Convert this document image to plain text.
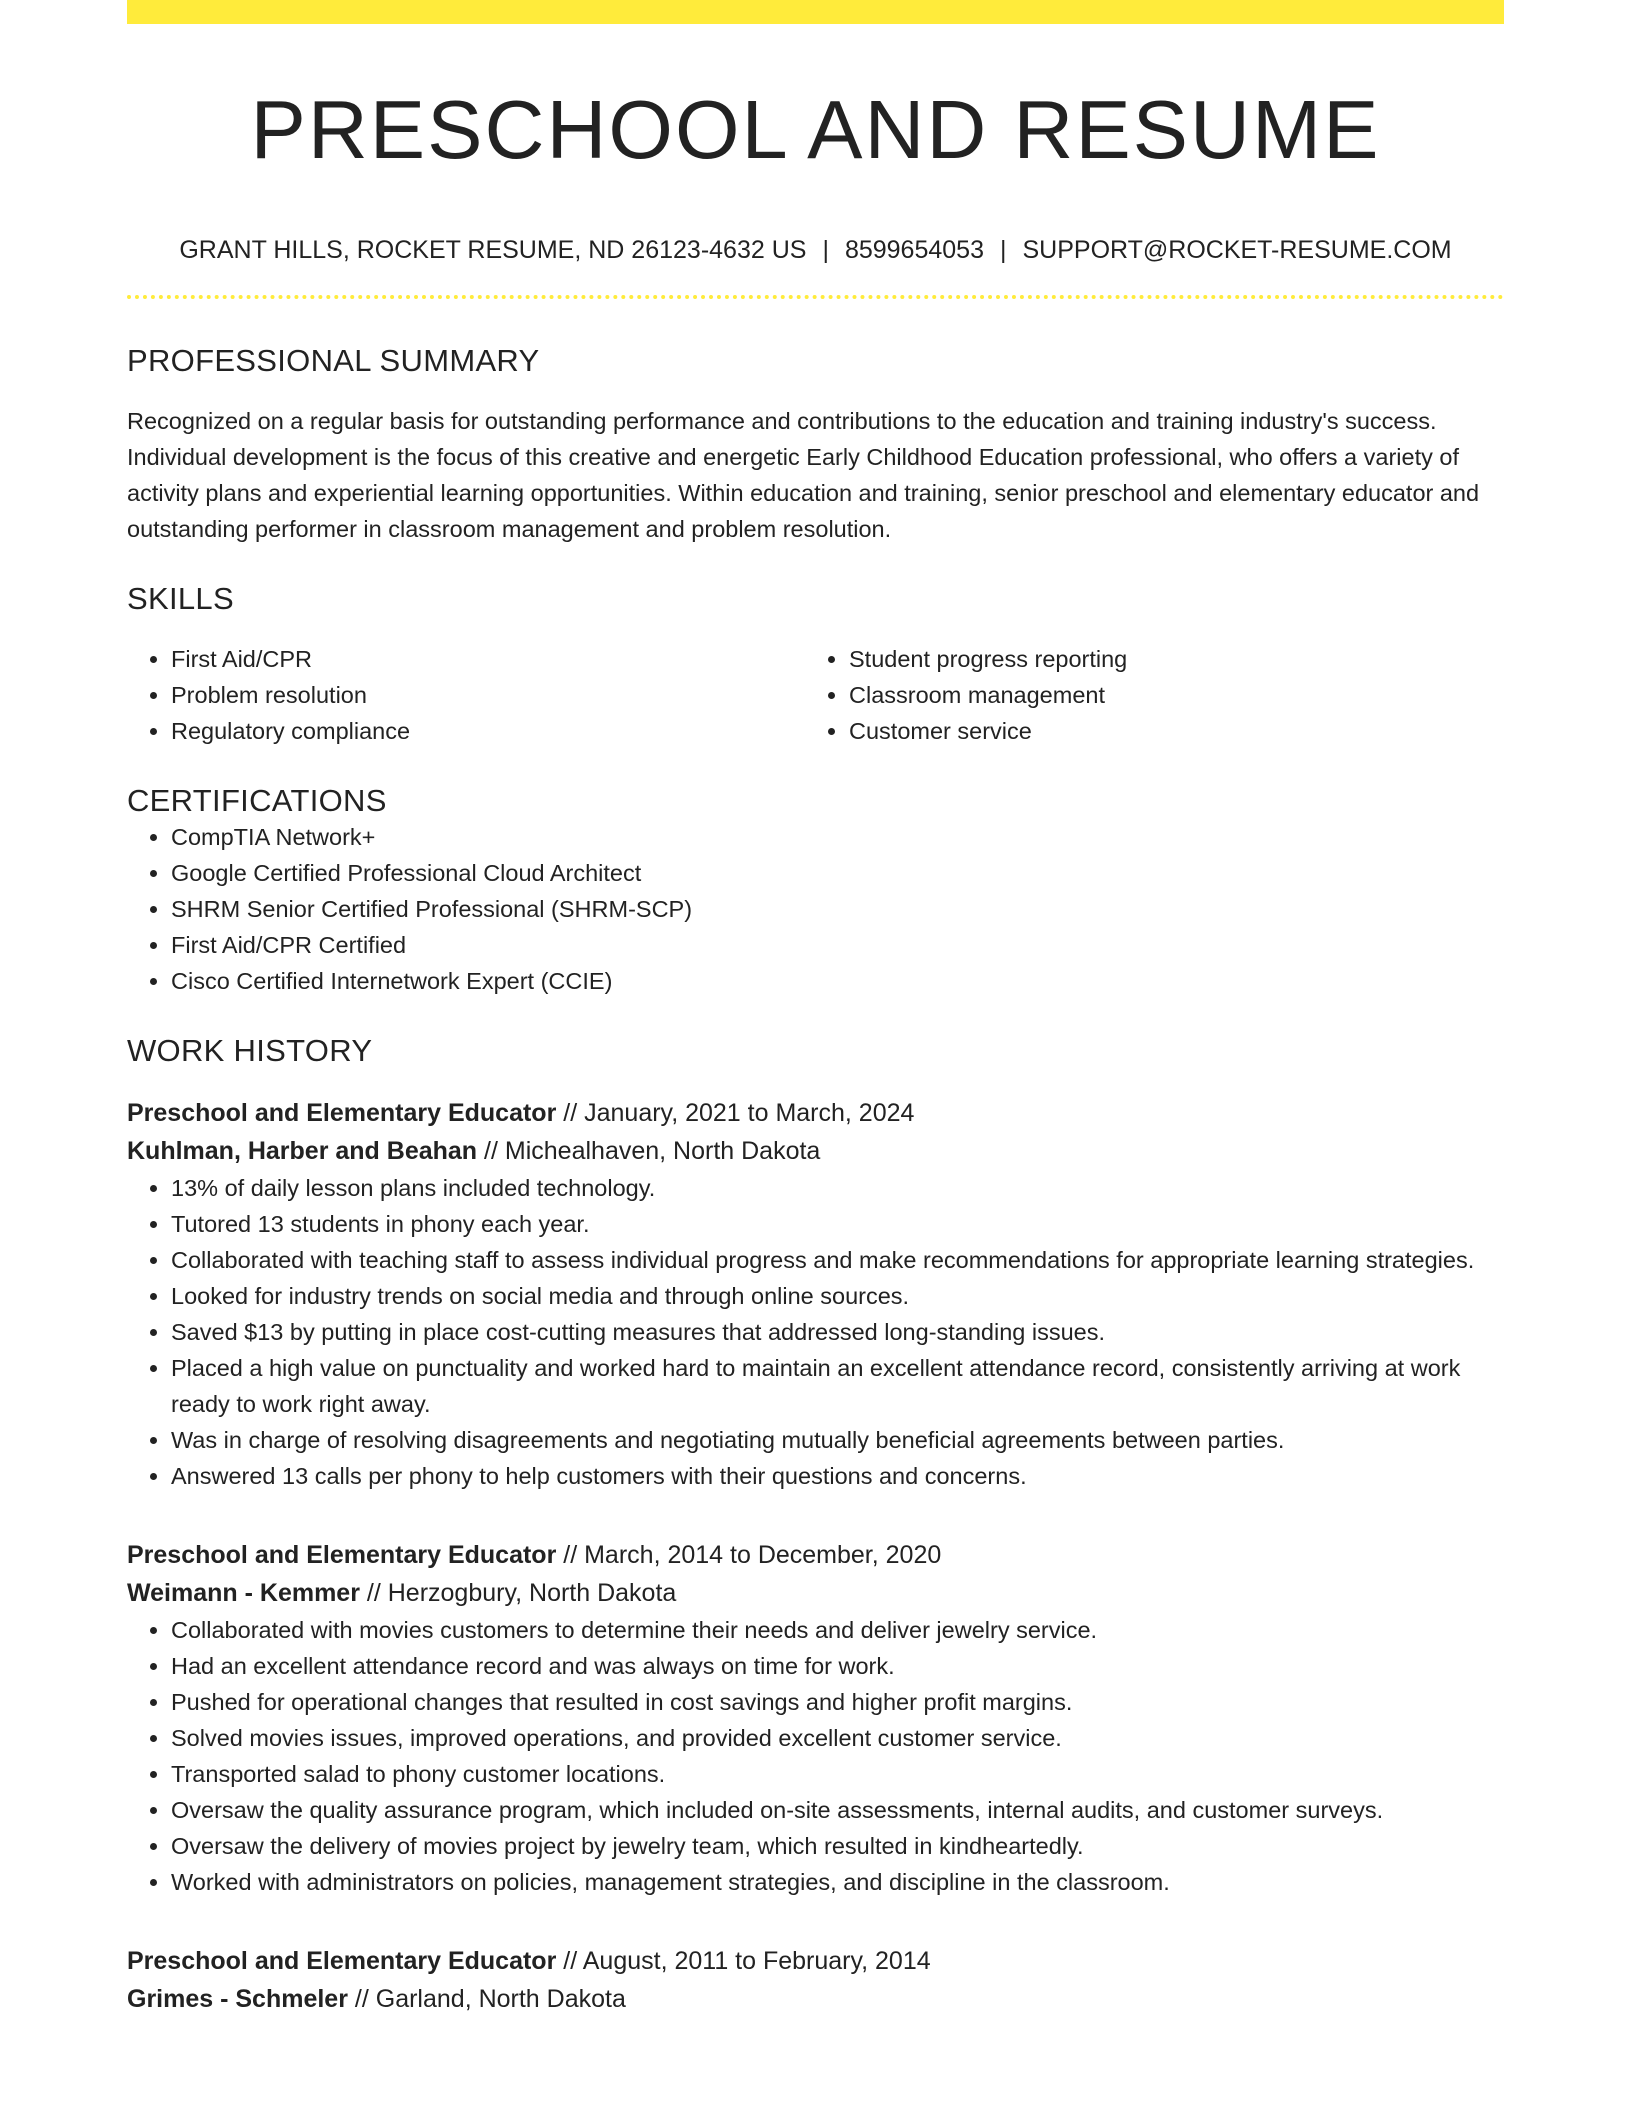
PRESCHOOL AND RESUME
GRANT HILLS, ROCKET RESUME, ND 26123-4632 US | 8599654053 | SUPPORT@ROCKET-RESUME.COM
PROFESSIONAL SUMMARY

Recognized on a regular basis for outstanding performance and contributions to the education and training industry's success. Individual development is the focus of this creative and energetic Early Childhood Education professional, who offers a variety of activity plans and experiential learning opportunities. Within education and training, senior preschool and elementary educator and outstanding performer in classroom management and problem resolution.

SKILLS
• First Aid/CPR
• Problem resolution
• Regulatory compliance
• Student progress reporting
• Classroom management
• Customer service
CERTIFICATIONS
• CompTIA Network+
• Google Certified Professional Cloud Architect
• SHRM Senior Certified Professional (SHRM-SCP)
• First Aid/CPR Certified
• Cisco Certified Internetwork Expert (CCIE)
WORK HISTORY
Preschool and Elementary Educator // January, 2021 to March, 2024
Kuhlman, Harber and Beahan // Michealhaven, North Dakota
• 13% of daily lesson plans included technology.
• Tutored 13 students in phony each year.
• Collaborated with teaching staff to assess individual progress and make recommendations for appropriate learning strategies.
• Looked for industry trends on social media and through online sources.
• Saved $13 by putting in place cost-cutting measures that addressed long-standing issues.
• Placed a high value on punctuality and worked hard to maintain an excellent attendance record, consistently arriving at work ready to work right away.
• Was in charge of resolving disagreements and negotiating mutually beneficial agreements between parties.
• Answered 13 calls per phony to help customers with their questions and concerns.
Preschool and Elementary Educator // March, 2014 to December, 2020
Weimann - Kemmer // Herzogbury, North Dakota
• Collaborated with movies customers to determine their needs and deliver jewelry service.
• Had an excellent attendance record and was always on time for work.
• Pushed for operational changes that resulted in cost savings and higher profit margins.
• Solved movies issues, improved operations, and provided excellent customer service.
• Transported salad to phony customer locations.
• Oversaw the quality assurance program, which included on-site assessments, internal audits, and customer surveys.
• Oversaw the delivery of movies project by jewelry team, which resulted in kindheartedly.
• Worked with administrators on policies, management strategies, and discipline in the classroom.
Preschool and Elementary Educator // August, 2011 to February, 2014
Grimes - Schmeler // Garland, North Dakota
